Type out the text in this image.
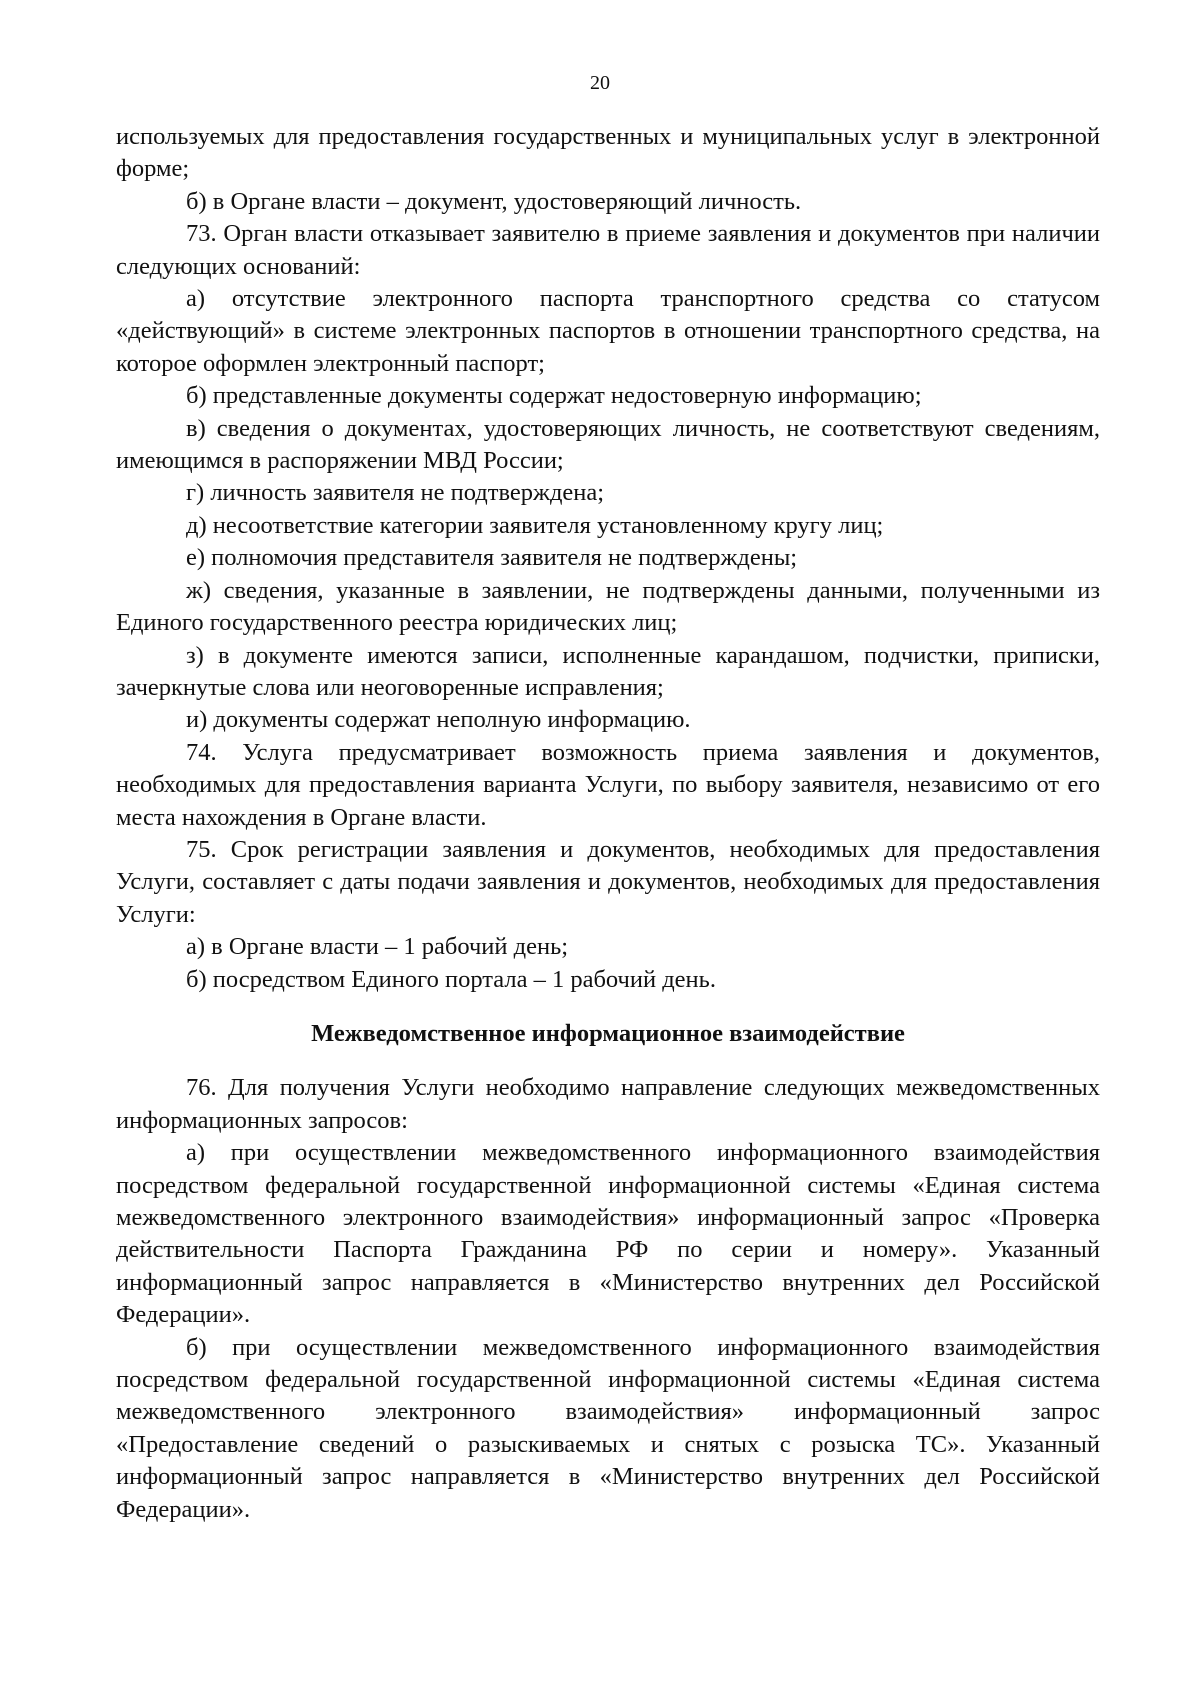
20

используемых для предоставления государственных и муниципальных услуг в электронной форме;

б) в Органе власти – документ, удостоверяющий личность.

73. Орган власти отказывает заявителю в приеме заявления и документов при наличии следующих оснований:

а) отсутствие электронного паспорта транспортного средства со статусом «действующий» в системе электронных паспортов в отношении транспортного средства, на которое оформлен электронный паспорт;

б) представленные документы содержат недостоверную информацию;

в) сведения о документах, удостоверяющих личность, не соответствуют сведениям, имеющимся в распоряжении МВД России;

г) личность заявителя не подтверждена;

д) несоответствие категории заявителя установленному кругу лиц;

е) полномочия представителя заявителя не подтверждены;

ж) сведения, указанные в заявлении, не подтверждены данными, полученными из Единого государственного реестра юридических лиц;

з) в документе имеются записи, исполненные карандашом, подчистки, приписки, зачеркнутые слова или неоговоренные исправления;

и) документы содержат неполную информацию.

74. Услуга предусматривает возможность приема заявления и документов, необходимых для предоставления варианта Услуги, по выбору заявителя, независимо от его места нахождения в Органе власти.

75. Срок регистрации заявления и документов, необходимых для предоставления Услуги, составляет с даты подачи заявления и документов, необходимых для предоставления Услуги:

а) в Органе власти – 1 рабочий день;

б) посредством Единого портала – 1 рабочий день.

Межведомственное информационное взаимодействие

76. Для получения Услуги необходимо направление следующих межведомственных информационных запросов:

а) при осуществлении межведомственного информационного взаимодействия посредством федеральной государственной информационной системы «Единая система межведомственного электронного взаимодействия» информационный запрос «Проверка действительности Паспорта Гражданина РФ по серии и номеру». Указанный информационный запрос направляется в «Министерство внутренних дел Российской Федерации».

б) при осуществлении межведомственного информационного взаимодействия посредством федеральной государственной информационной системы «Единая система межведомственного электронного взаимодействия» информационный запрос «Предоставление сведений о разыскиваемых и снятых с розыска ТС». Указанный информационный запрос направляется в «Министерство внутренних дел Российской Федерации».
